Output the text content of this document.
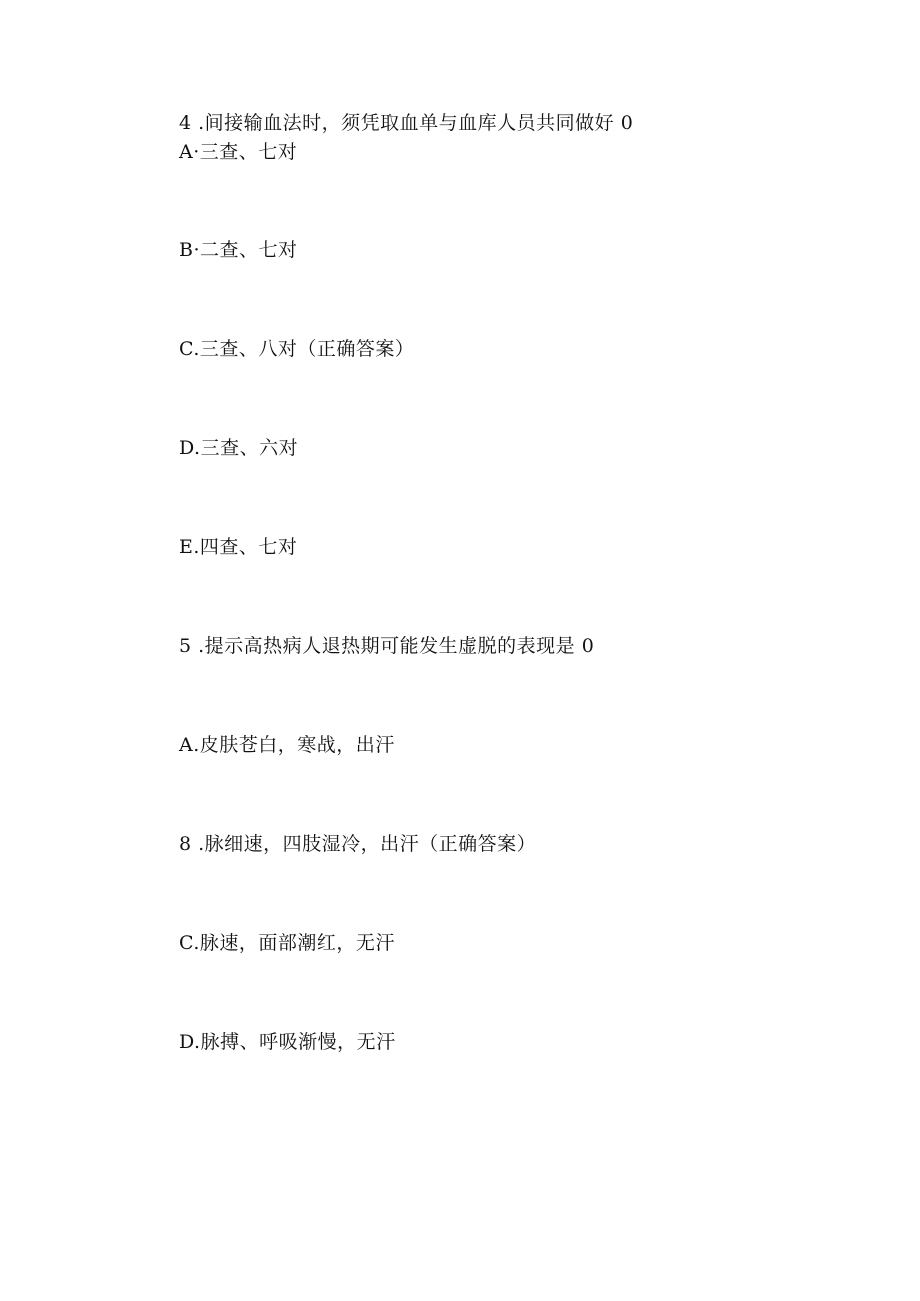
4 .间接输血法时，须凭取血单与血库人员共同做好 0
A·三查、七对
B·二查、七对
C.三查、八对（正确答案）
D.三查、六对
E.四查、七对
5 .提示高热病人退热期可能发生虚脱的表现是 0
A.皮肤苍白，寒战，出汗
8 .脉细速，四肢湿冷，出汗（正确答案）
C.脉速，面部潮红，无汗
D.脉搏、呼吸渐慢，无汗
